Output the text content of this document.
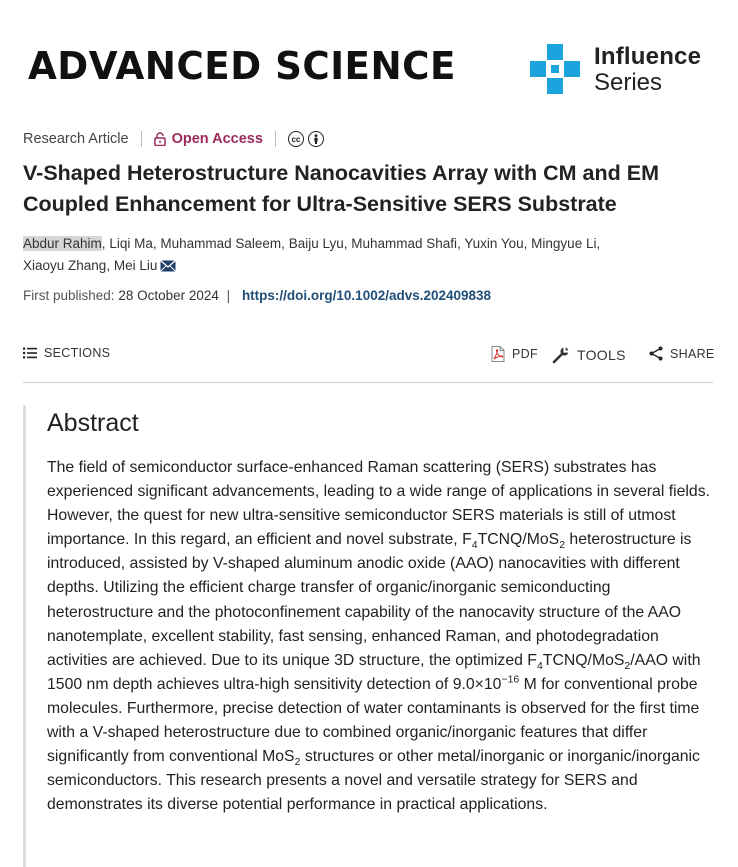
ADVANCED SCIENCE	Influence
Series
Research Article	Open Access	cc
V-Shaped Heterostructure Nanocavities Array with CM and EM Coupled Enhancement for Ultra-Sensitive SERS Substrate
Abdur Rahim, Liqi Ma, Muhammad Saleem, Baiju Lyu, Muhammad Shafi, Yuxin You, Mingyue Li,
Xiaoyu Zhang, Mei Liu
First published: 28 October 2024 | https://doi.org/10.1002/advs.202409838
SECTIONS	PDF	TOOLS	SHARE
Abstract
The field of semiconductor surface-enhanced Raman scattering (SERS) substrates has experienced significant advancements, leading to a wide range of applications in several fields. However, the quest for new ultra-sensitive semiconductor SERS materials is still of utmost importance. In this regard, an efficient and novel substrate, $F_4TCNQ/MoS_2$ heterostructure is introduced, assisted by V-shaped aluminum anodic oxide (AAO) nanocavities with different depths. Utilizing the efficient charge transfer of organic/inorganic semiconducting heterostructure and the photoconfinement capability of the nanocavity structure of the AAO nanotemplate, excellent stability, fast sensing, enhanced Raman, and photodegradation activities are achieved. Due to its unique 3D structure, the optimized $F_4TCNQ/MoS_2$/AAO with 1500 nm depth achieves ultra-high sensitivity detection of $9.0\times 10^{-16}$ M for conventional probe molecules. Furthermore, precise detection of water contaminants is observed for the first time with a V-shaped heterostructure due to combined organic/inorganic features that differ significantly from conventional MoS$_2$ structures or other metal/inorganic or inorganic/inorganic semiconductors. This research presents a novel and versatile strategy for SERS and demonstrates its diverse potential performance in practical applications.
